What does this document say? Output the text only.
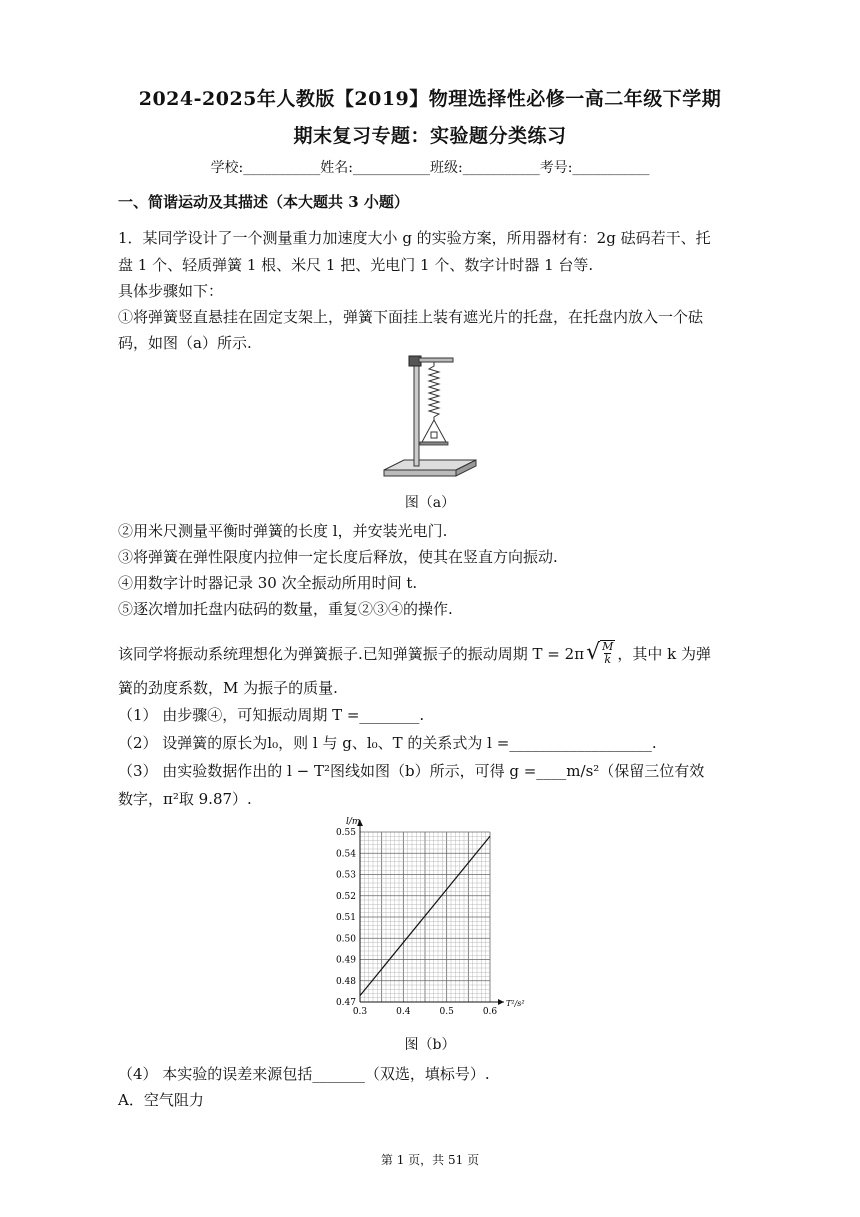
2024-2025年人教版【2019】物理选择性必修一高二年级下学期
期末复习专题：实验题分类练习
学校:___________姓名:___________班级:___________考号:___________
一、简谐运动及其描述（本大题共 3 小题）
1．某同学设计了一个测量重力加速度大小 g 的实验方案，所用器材有：2g 砝码若干、托
盘 1 个、轻质弹簧 1 根、米尺 1 把、光电门 1 个、数字计时器 1 台等.
具体步骤如下：
①将弹簧竖直悬挂在固定支架上，弹簧下面挂上装有遮光片的托盘，在托盘内放入一个砝
码，如图（a）所示.
图（a）
②用米尺测量平衡时弹簧的长度 l，并安装光电门.
③将弹簧在弹性限度内拉伸一定长度后释放，使其在竖直方向振动.
④用数字计时器记录 30 次全振动所用时间 t.
⑤逐次增加托盘内砝码的数量，重复②③④的操作.
该同学将振动系统理想化为弹簧振子.已知弹簧振子的振动周期 T = 2π √ $\frac{M}{k}$ ，其中 k 为弹
簧的劲度系数，M 为振子的质量.
（1） 由步骤④，可知振动周期 T =________.
（2） 设弹簧的原长为l₀，则 l 与 g、l₀、T 的关系式为 l =___________________.
（3） 由实验数据作出的 l − T²图线如图（b）所示，可得 g =____m/s²（保留三位有效
数字，π²取 9.87）.
0.3	0.4	0.5	0.6
0.47
0.48
0.49
0.50
0.51
0.52
0.53
0.54
0.55
T²/s²
l/m
图（b）
（4） 本实验的误差来源包括_______（双选，填标号）.
A．空气阻力
第 1 页，共 51 页
